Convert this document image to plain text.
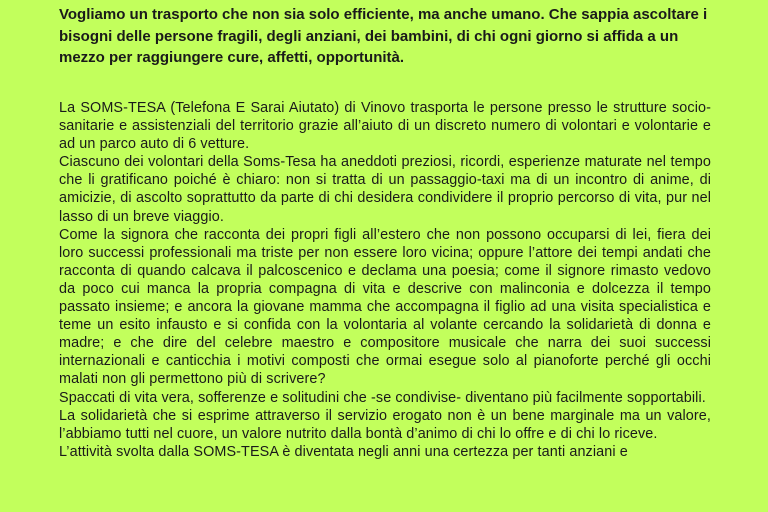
Vogliamo un trasporto che non sia solo efficiente, ma anche umano. Che sappia ascoltare i bisogni delle persone fragili, degli anziani, dei bambini, di chi ogni giorno si affida a un mezzo per raggiungere cure, affetti, opportunità.

La SOMS-TESA (Telefona E Sarai Aiutato) di Vinovo trasporta le persone presso le strutture socio-sanitarie e assistenziali del territorio grazie all’aiuto di un discreto numero di volontari e volontarie e ad un parco auto di 6 vetture.

Ciascuno dei volontari della Soms-Tesa ha aneddoti preziosi, ricordi, esperienze maturate nel tempo che li gratificano poiché è chiaro: non si tratta di un passaggio-taxi ma di un incontro di anime, di amicizie, di ascolto soprattutto da parte di chi desidera condividere il proprio percorso di vita, pur nel lasso di un breve viaggio.

Come la signora che racconta dei propri figli all’estero che non possono occuparsi di lei, fiera dei loro successi professionali ma triste per non essere loro vicina; oppure l’attore dei tempi andati che racconta di quando calcava il palcoscenico e declama una poesia; come il signore rimasto vedovo da poco cui manca la propria compagna di vita e descrive con malinconia e dolcezza il tempo passato insieme; e ancora la giovane mamma che accompagna il figlio ad una visita specialistica e teme un esito infausto e si confida con la volontaria al volante cercando la solidarietà di donna e madre; e che dire del celebre maestro e compositore musicale che narra dei suoi successi internazionali e canticchia i motivi composti che ormai esegue solo al pianoforte perché gli occhi malati non gli permettono più di scrivere?

Spaccati di vita vera, sofferenze e solitudini che -se condivise- diventano più facilmente sopportabili.

La solidarietà che si esprime attraverso il servizio erogato non è un bene marginale ma un valore, l’abbiamo tutti nel cuore, un valore nutrito dalla bontà d’animo di chi lo offre e di chi lo riceve.

L’attività svolta dalla SOMS-TESA è diventata negli anni una certezza per tanti anziani e
